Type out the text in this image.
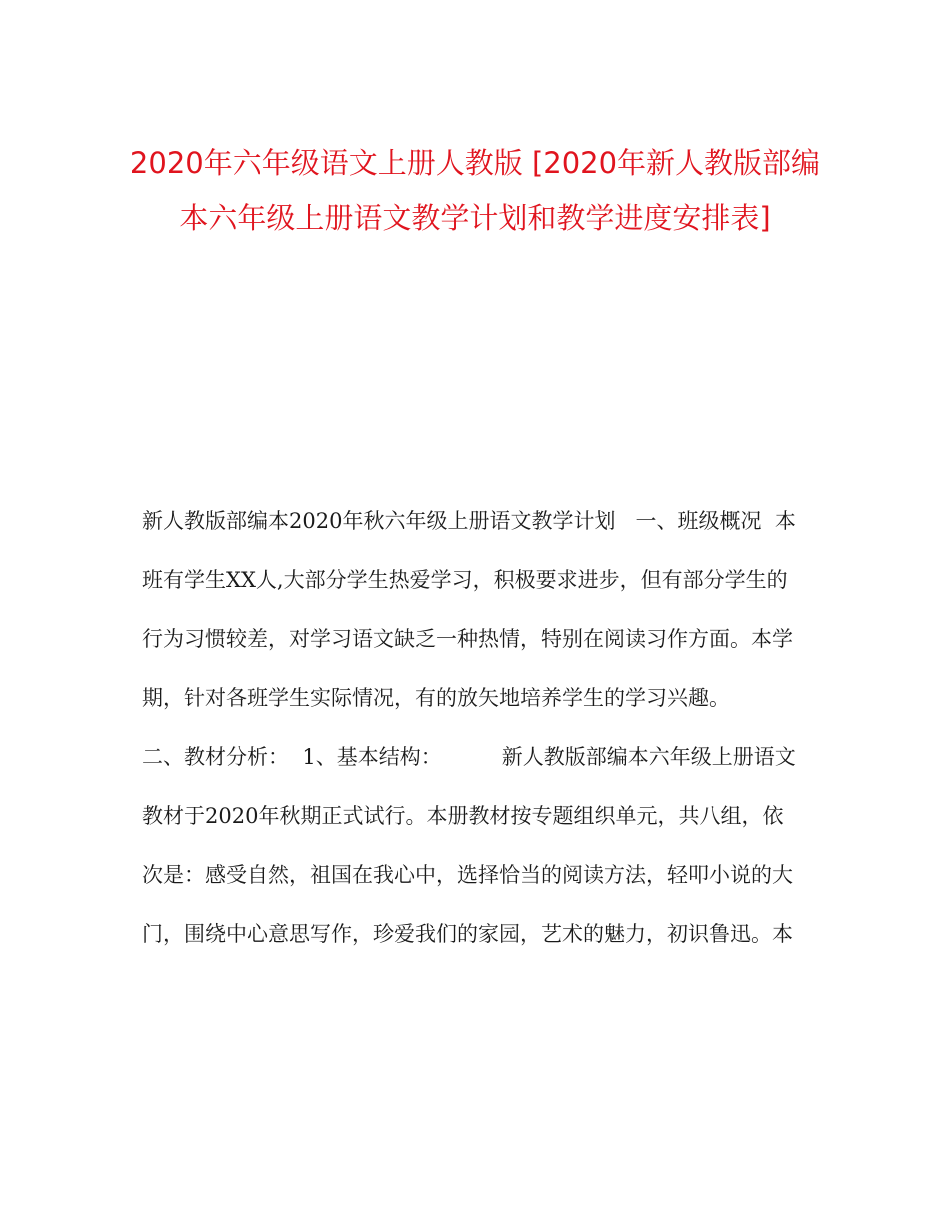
2020年六年级语文上册人教版 [2020年新人教版部编
本六年级上册语文教学计划和教学进度安排表]
新人教版部编本2020年秋六年级上册语文教学计划   一、班级概况  本
班有学生XX人,大部分学生热爱学习，积极要求进步，但有部分学生的
行为习惯较差，对学习语文缺乏一种热情，特别在阅读习作方面。本学
期，针对各班学生实际情况，有的放矢地培养学生的学习兴趣。
二、教材分析：  1、基本结构：         新人教版部编本六年级上册语文
教材于2020年秋期正式试行。本册教材按专题组织单元，共八组，依
次是：感受自然，祖国在我心中，选择恰当的阅读方法，轻叩小说的大
门，围绕中心意思写作，珍爱我们的家园，艺术的魅力，初识鲁迅。本
